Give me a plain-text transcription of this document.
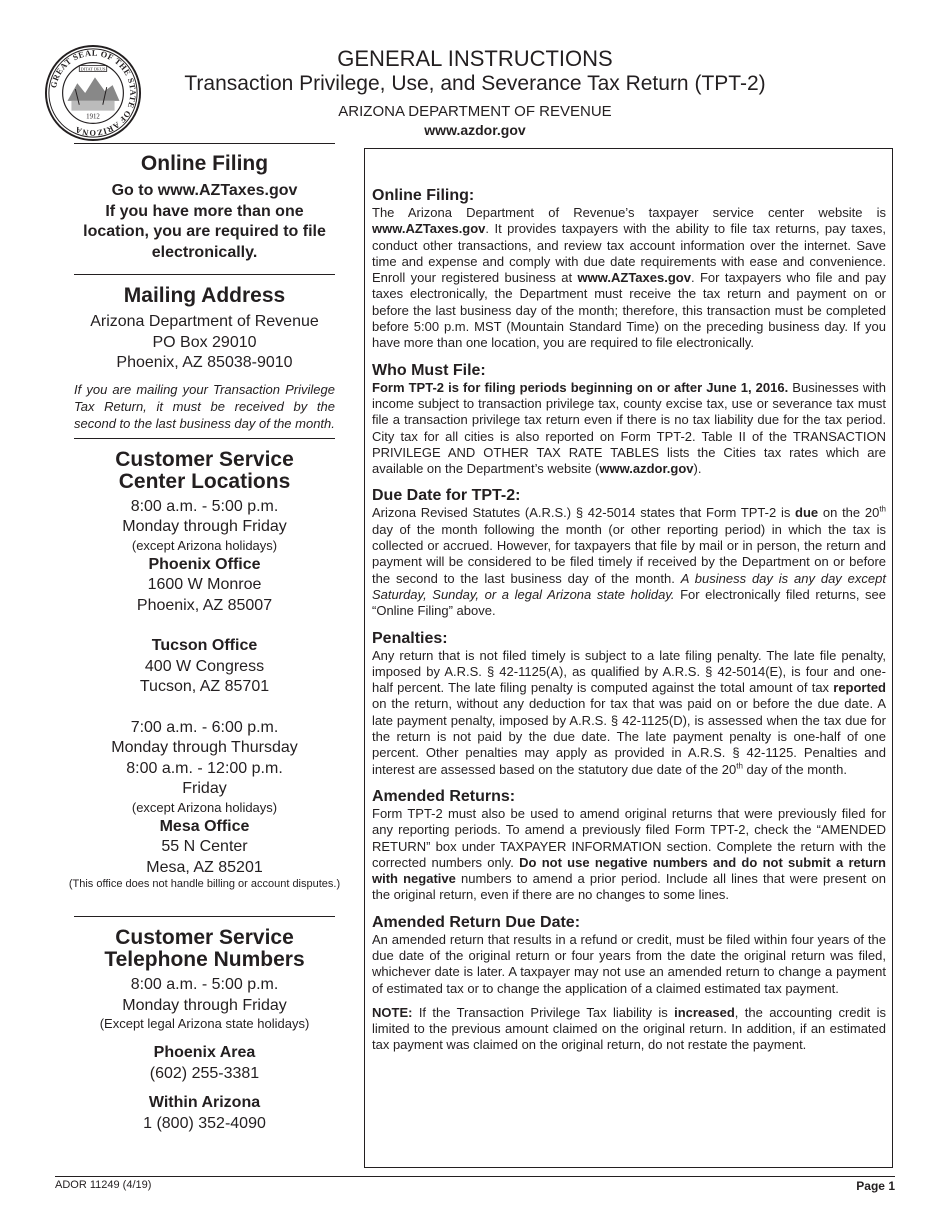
GREAT SEAL OF THE STATE OF ARIZONA
DITAT DEUS
1912
GENERAL INSTRUCTIONS
Transaction Privilege, Use, and Severance Tax Return (TPT-2)
ARIZONA DEPARTMENT OF REVENUE
www.azdor.gov
Online Filing
Go to www.AZTaxes.gov
If you have more than one location, you are required to file electronically.
Mailing Address
Arizona Department of Revenue
PO Box 29010
Phoenix, AZ 85038-9010
If you are mailing your Transaction Privilege Tax Return, it must be received by the second to the last business day of the month.
Customer Service
Center Locations
8:00 a.m. - 5:00 p.m.
Monday through Friday
(except Arizona holidays)
Phoenix Office
1600 W Monroe
Phoenix, AZ 85007
Tucson Office
400 W Congress
Tucson, AZ 85701
7:00 a.m. - 6:00 p.m.
Monday through Thursday
8:00 a.m. - 12:00 p.m.
Friday
(except Arizona holidays)
Mesa Office
55 N Center
Mesa, AZ 85201
(This office does not handle billing or account disputes.)
Customer Service
Telephone Numbers
8:00 a.m. - 5:00 p.m.
Monday through Friday
(Except legal Arizona state holidays)
Phoenix Area
(602) 255-3381
Within Arizona
1 (800) 352-4090
Online Filing:

The Arizona Department of Revenue’s taxpayer service center website is www.AZTaxes.gov. It provides taxpayers with the ability to file tax returns, pay taxes, conduct other transactions, and review tax account information over the internet. Save time and expense and comply with due date requirements with ease and convenience. Enroll your registered business at www.AZTaxes.gov. For taxpayers who file and pay taxes electronically, the Department must receive the tax return and payment on or before the last business day of the month; therefore, this transaction must be completed before 5:00 p.m. MST (Mountain Standard Time) on the preceding business day. If you have more than one location, you are required to file electronically.

Who Must File:

Form TPT-2 is for filing periods beginning on or after June 1, 2016. Businesses with income subject to transaction privilege tax, county excise tax, use or severance tax must file a transaction privilege tax return even if there is no tax liability due for the tax period. City tax for all cities is also reported on Form TPT-2. Table II of the TRANSACTION PRIVILEGE AND OTHER TAX RATE TABLES lists the Cities tax rates which are available on the Department’s website (www.azdor.gov).

Due Date for TPT-2:

Arizona Revised Statutes (A.R.S.) § 42-5014 states that Form TPT-2 is due on the 20th day of the month following the month (or other reporting period) in which the tax is collected or accrued. However, for taxpayers that file by mail or in person, the return and payment will be considered to be filed timely if received by the Department on or before the second to the last business day of the month. A business day is any day except Saturday, Sunday, or a legal Arizona state holiday. For electronically filed returns, see “Online Filing” above.

Penalties:

Any return that is not filed timely is subject to a late filing penalty. The late file penalty, imposed by A.R.S. § 42-1125(A), as qualified by A.R.S. § 42-5014(E), is four and one-half percent. The late filing penalty is computed against the total amount of tax reported on the return, without any deduction for tax that was paid on or before the due date. A late payment penalty, imposed by A.R.S. § 42-1125(D), is assessed when the tax due for the return is not paid by the due date. The late payment penalty is one-half of one percent. Other penalties may apply as provided in A.R.S. § 42-1125. Penalties and interest are assessed based on the statutory due date of the 20th day of the month.

Amended Returns:

Form TPT-2 must also be used to amend original returns that were previously filed for any reporting periods. To amend a previously filed Form TPT-2, check the “AMENDED RETURN” box under TAXPAYER INFORMATION section. Complete the return with the corrected numbers only. Do not use negative numbers and do not submit a return with negative numbers to amend a prior period. Include all lines that were present on the original return, even if there are no changes to some lines.

Amended Return Due Date:

An amended return that results in a refund or credit, must be filed within four years of the due date of the original return or four years from the date the original return was filed, whichever date is later. A taxpayer may not use an amended return to change a payment of estimated tax or to change the application of a claimed estimated tax payment.

NOTE: If the Transaction Privilege Tax liability is increased, the accounting credit is limited to the previous amount claimed on the original return. In addition, if an estimated tax payment was claimed on the original return, do not restate the payment.

ADOR 11249 (4/19)	Page 1
